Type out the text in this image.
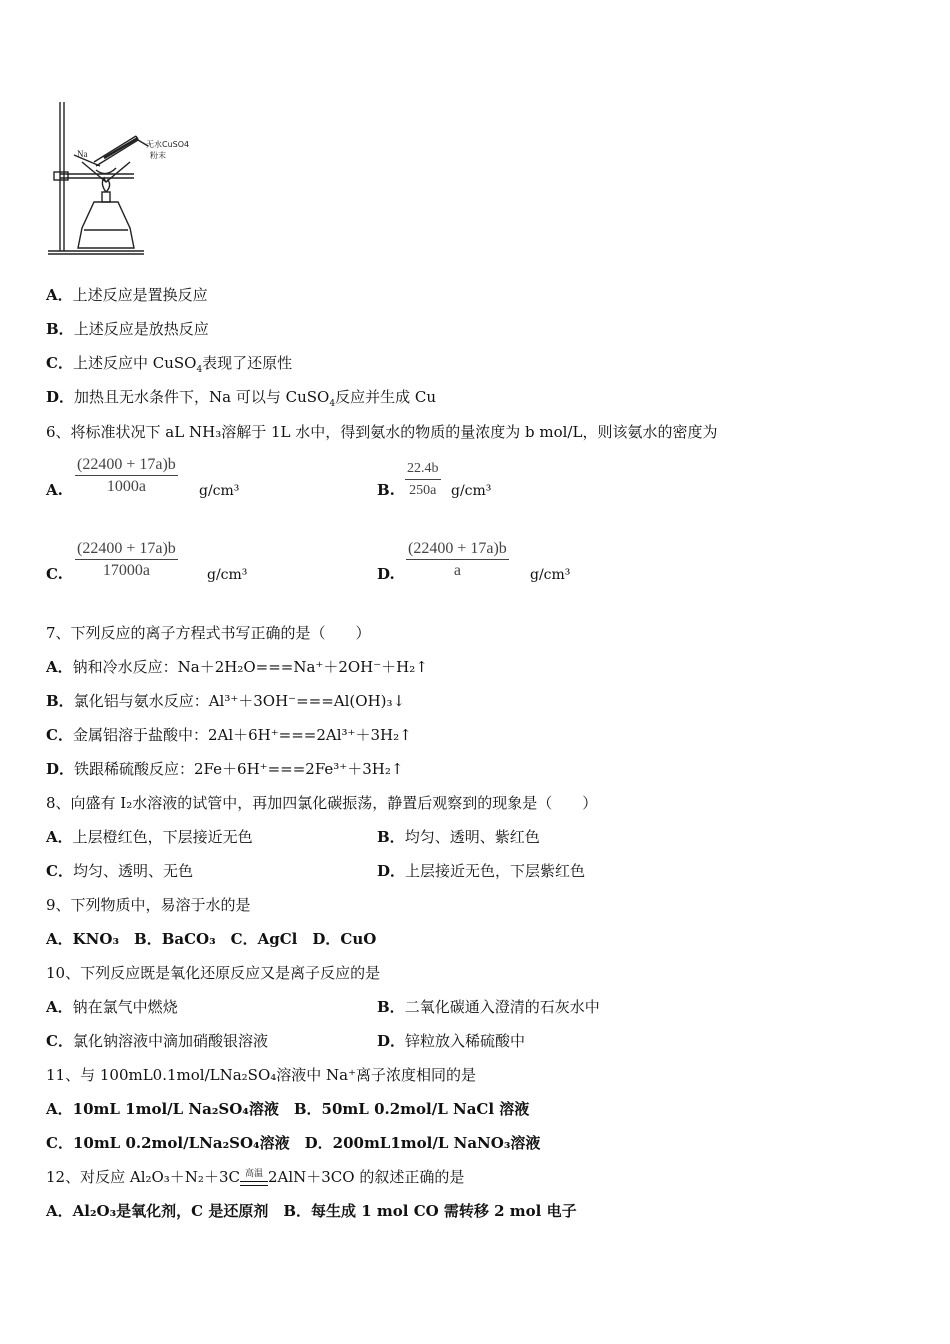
Na
无水CuSO4
粉末
A．上述反应是置换反应
B．上述反应是放热反应
C．上述反应中 CuSO$_4$表现了还原性
D．加热且无水条件下，Na 可以与 CuSO$_4$反应并生成 Cu
6、将标准状况下 aL NH₃溶解于 1L 水中，得到氨水的物质的量浓度为 b mol/L，则该氨水的密度为
A. $\frac{(22400 + 17a)b}{1000a} g/cm^3$	B. $\frac{22.4b}{250a} g/cm^3$
C. $\frac{(22400 + 17a)b}{17000a} g/cm^3$	D. $\frac{(22400 + 17a)b}{a} g/cm^3$
7、下列反应的离子方程式书写正确的是（　　）
A．钠和冷水反应：Na＋2H₂O===Na⁺＋2OH⁻＋H₂↑
B．氯化铝与氨水反应：Al³⁺＋3OH⁻===Al(OH)₃↓
C．金属铝溶于盐酸中：2Al＋6H⁺===2Al³⁺＋3H₂↑
D．铁跟稀硫酸反应：2Fe＋6H⁺===2Fe³⁺＋3H₂↑
8、向盛有 I₂水溶液的试管中，再加四氯化碳振荡，静置后观察到的现象是（　　）
A．上层橙红色，下层接近无色	B．均匀、透明、紫红色
C．均匀、透明、无色	D．上层接近无色，下层紫红色
9、下列物质中，易溶于水的是
A．KNO₃　B．BaCO₃　C．AgCl　D．CuO
10、下列反应既是氧化还原反应又是离子反应的是
A．钠在氯气中燃烧	B．二氧化碳通入澄清的石灰水中
C．氯化钠溶液中滴加硝酸银溶液	D．锌粒放入稀硫酸中
11、与 100mL0.1mol/LNa₂SO₄溶液中 Na⁺离子浓度相同的是
A．10mL 1mol/L Na₂SO₄溶液　B．50mL 0.2mol/L NaCl 溶液
C．10mL 0.2mol/LNa₂SO₄溶液　D．200mL1mol/L NaNO₃溶液
12、对反应 Al₂O₃＋N₂＋3C 高温 2AlN＋3CO 的叙述正确的是
A．Al₂O₃是氧化剂，C 是还原剂　B．每生成 1 mol CO 需转移 2 mol 电子
